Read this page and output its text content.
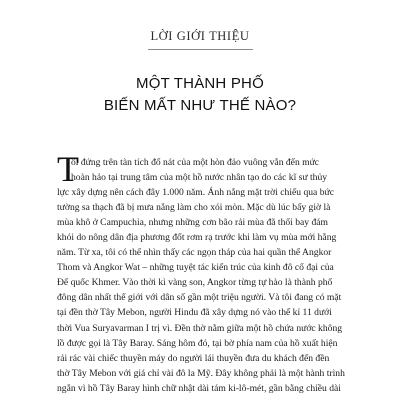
LỜI GIỚI THIỆU
MỘT THÀNH PHỐ
BIẾN MẤT NHƯ THẾ NÀO?
T
ôi đứng trên tàn tích đổ nát của một hòn đảo vuông vắn đến mức
hoàn hảo tại trung tâm của một hồ nước nhân tạo do các kĩ sư thủy
lực xây dựng nên cách đây 1.000 năm. Ánh nắng mặt trời chiếu qua bức
tường sa thạch đã bị mưa nắng làm cho xói mòn. Mặc dù lúc bấy giờ là
mùa khô ở Campuchia, nhưng những cơn bão rải mùa đã thổi bay đám
khói do nông dân địa phương đốt rơm rạ trước khi làm vụ mùa mới hằng
năm. Từ xa, tôi có thể nhìn thấy các ngọn tháp của hai quần thể Angkor
Thom và Angkor Wat – những tuyệt tác kiến trúc của kinh đô cổ đại của
Đế quốc Khmer. Vào thời kì vàng son, Angkor từng tự hào là thành phố
đông dân nhất thế giới với dân số gần một triệu người. Và tôi đang có mặt
tại đền thờ Tây Mebon, người Hindu đã xây dựng nó vào thế kỉ 11 dưới
thời Vua Suryavarman I trị vì. Đền thờ nằm giữa một hồ chứa nước không
lồ được gọi là Tây Baray. Sáng hôm đó, tại bờ phía nam của hồ xuất hiện
rải rác vài chiếc thuyền máy do người lái thuyền đưa du khách đến đền
thờ Tây Mebon với giá chỉ vài đô la Mỹ. Đây không phải là một hành trình
ngắn vì hồ Tây Baray hình chữ nhật dài tám ki-lô-mét, gần bằng chiều dài
